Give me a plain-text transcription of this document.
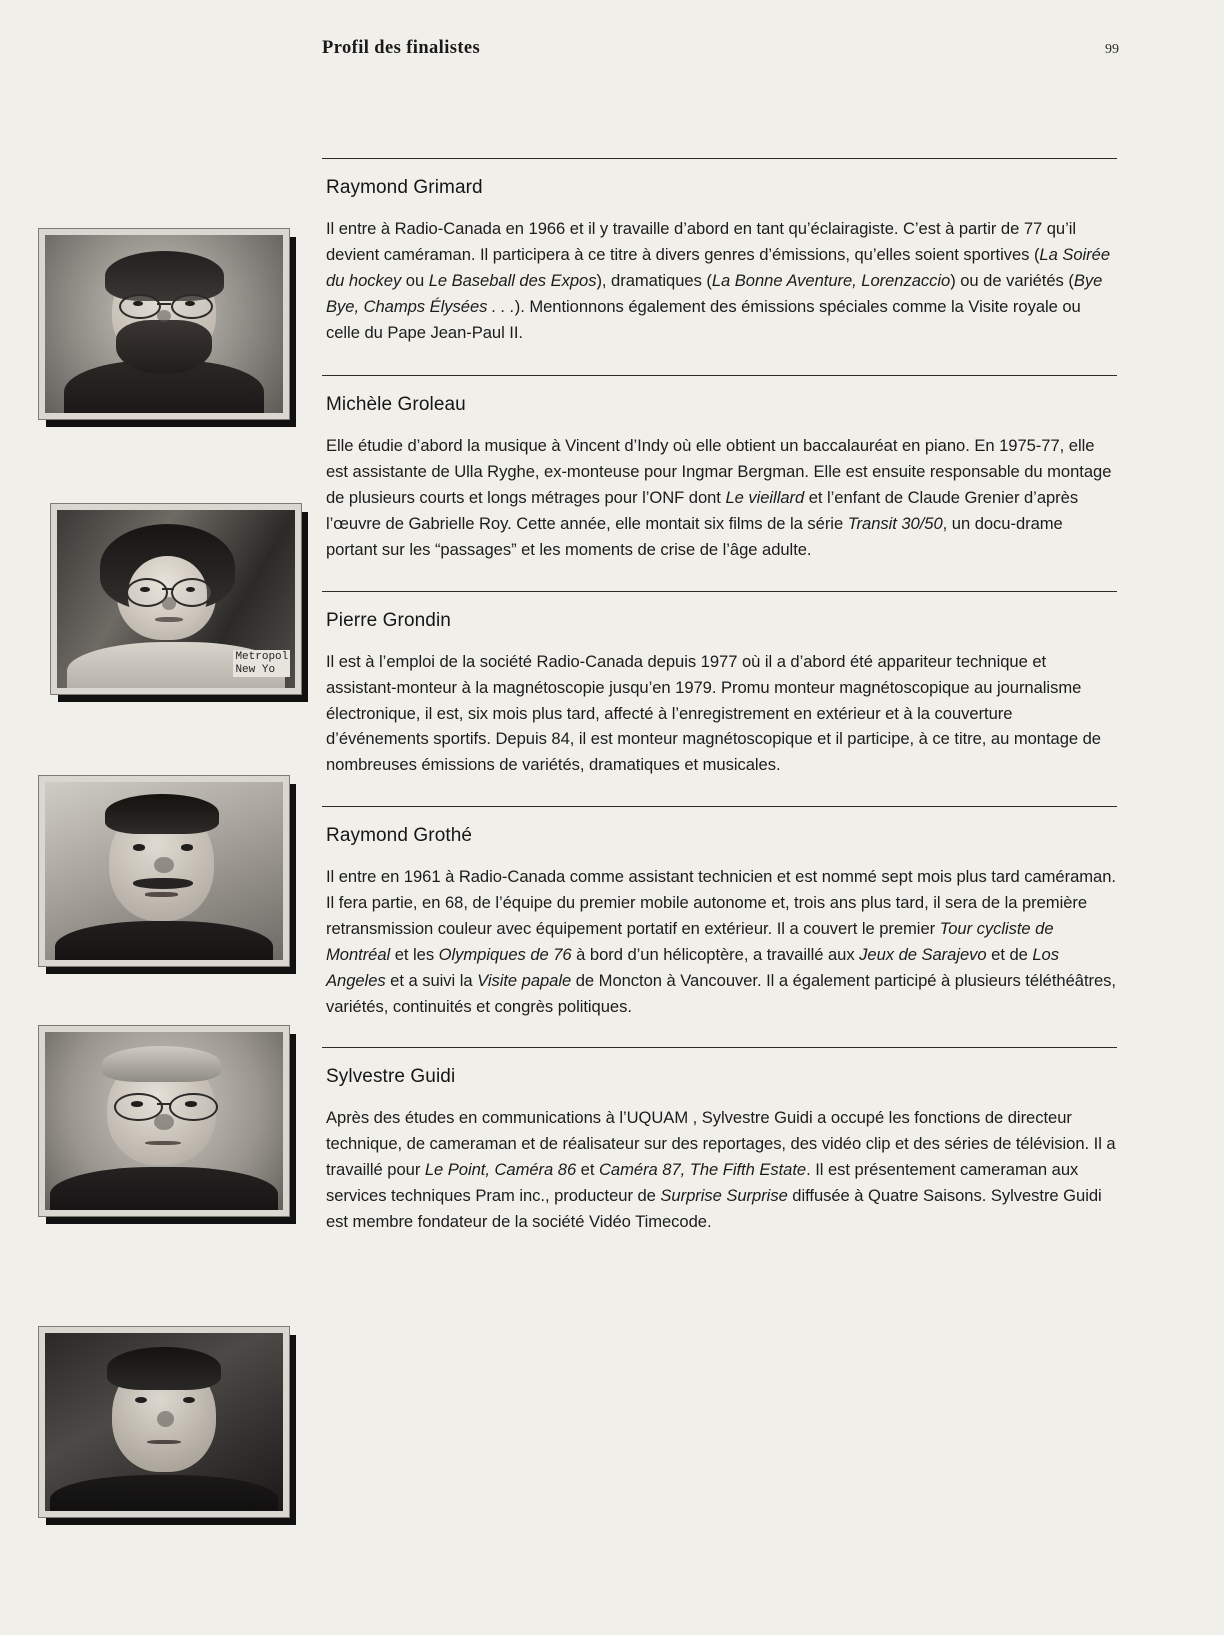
Profil des finalistes	99
Metropol
New Yo
Raymond Grimard
Il entre à Radio-Canada en 1966 et il y travaille d’abord en tant qu’éclairagiste. C’est à partir de 77 qu’il devient caméraman. Il participera à ce titre à divers genres d’émissions, qu’elles soient sportives (La Soirée du hockey ou Le Baseball des Expos), dramatiques (La Bonne Aventure, Lorenzaccio) ou de variétés (Bye Bye, Champs Élysées . . .). Mentionnons également des émissions spéciales comme la Visite royale ou celle du Pape Jean-Paul II.
Michèle Groleau
Elle étudie d’abord la musique à Vincent d’Indy où elle obtient un baccalauréat en piano. En 1975-77, elle est assistante de Ulla Ryghe, ex-monteuse pour Ingmar Bergman. Elle est ensuite responsable du montage de plusieurs courts et longs métrages pour l’ONF dont Le vieillard et l’enfant de Claude Grenier d’après l’œuvre de Gabrielle Roy. Cette année, elle montait six films de la série Transit 30/50, un docu-drame portant sur les “passages” et les moments de crise de l’âge adulte.
Pierre Grondin
Il est à l’emploi de la société Radio-Canada depuis 1977 où il a d’abord été appariteur technique et assistant-monteur à la magnétoscopie jusqu’en 1979. Promu monteur magnétoscopique au journalisme électronique, il est, six mois plus tard, affecté à l’enregistrement en extérieur et à la couverture d’événements sportifs. Depuis 84, il est monteur magnétoscopique et il participe, à ce titre, au montage de nombreuses émissions de variétés, dramatiques et musicales.
Raymond Grothé
Il entre en 1961 à Radio-Canada comme assistant technicien et est nommé sept mois plus tard caméraman. Il fera partie, en 68, de l’équipe du premier mobile autonome et, trois ans plus tard, il sera de la première retransmission couleur avec équipement portatif en extérieur. Il a couvert le premier Tour cycliste de Montréal et les Olympiques de 76 à bord d’un hélicoptère, a travaillé aux Jeux de Sarajevo et de Los Angeles et a suivi la Visite papale de Moncton à Vancouver. Il a également participé à plusieurs téléthéâtres, variétés, continuités et congrès politiques.
Sylvestre Guidi
Après des études en communications à l’UQUAM , Sylvestre Guidi a occupé les fonctions de directeur technique, de cameraman et de réalisateur sur des reportages, des vidéo clip et des séries de télévision. Il a travaillé pour Le Point, Caméra 86 et Caméra 87, The Fifth Estate. Il est présentement cameraman aux services techniques Pram inc., producteur de Surprise Surprise diffusée à Quatre Saisons. Sylvestre Guidi est membre fondateur de la société Vidéo Timecode.
